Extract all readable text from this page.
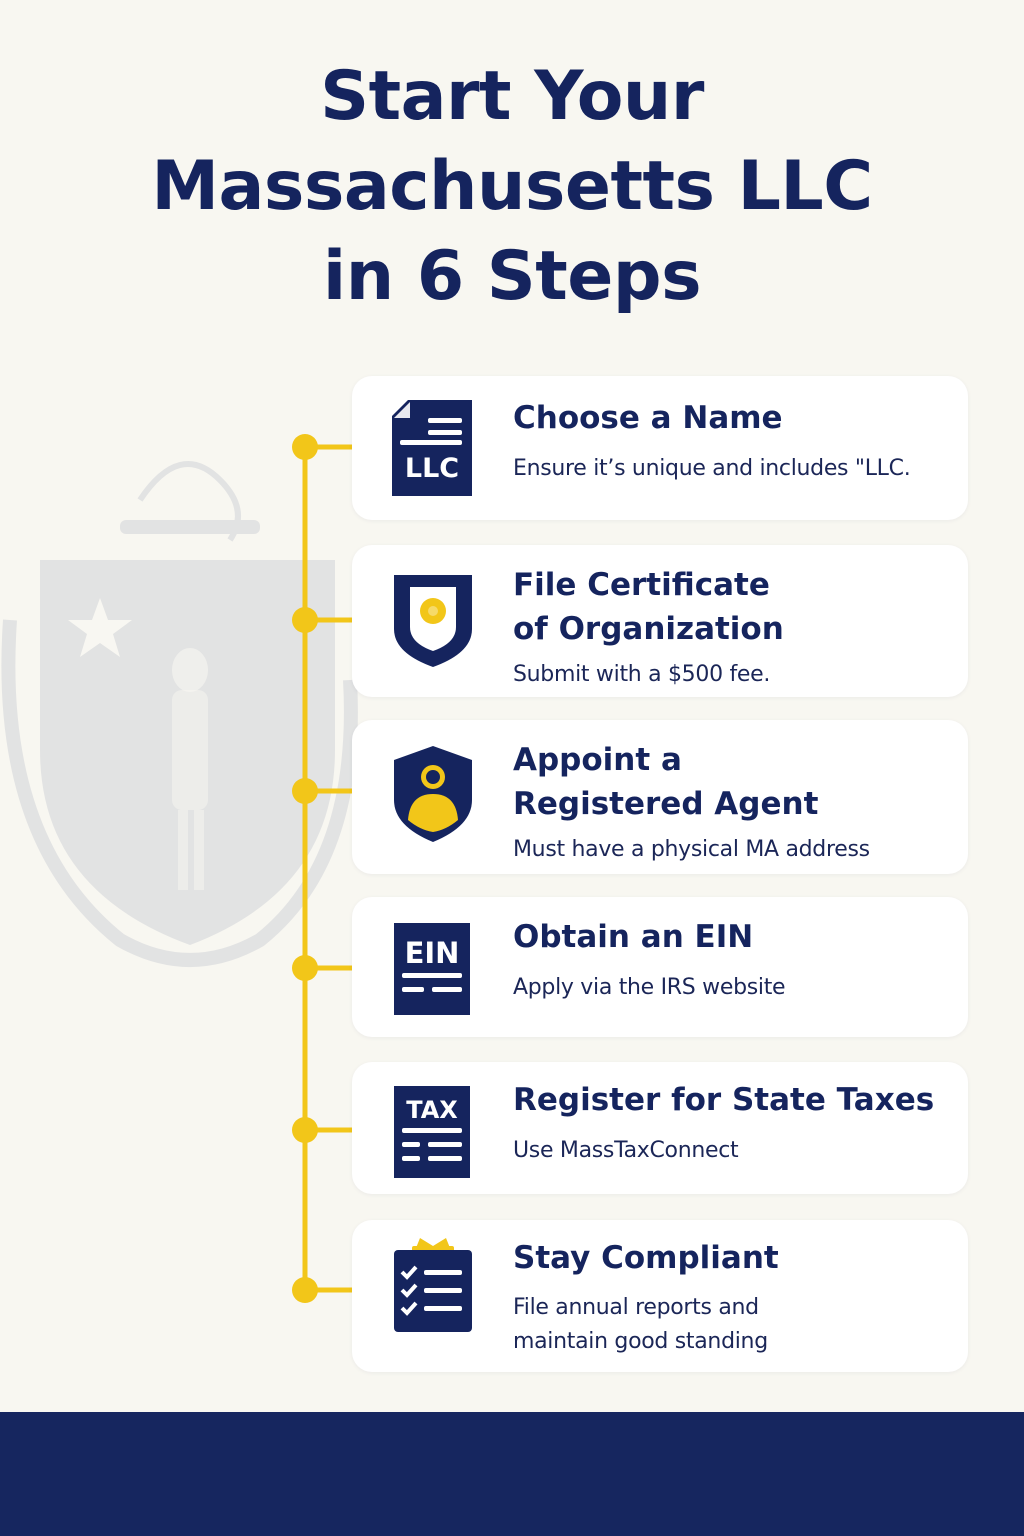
Start Your
Massachusetts LLC
in 6 Steps
LLC
Choose a Name

Ensure it’s unique and includes "LLC.

File Certificate
of Organization

Submit with a $500 fee.

Appoint a
Registered Agent

Must have a physical MA address

EIN Obtain an EIN

Apply via the IRS website

TAX Register for State Taxes

Use MassTaxConnect

Stay Compliant

File annual reports and
maintain good standing
